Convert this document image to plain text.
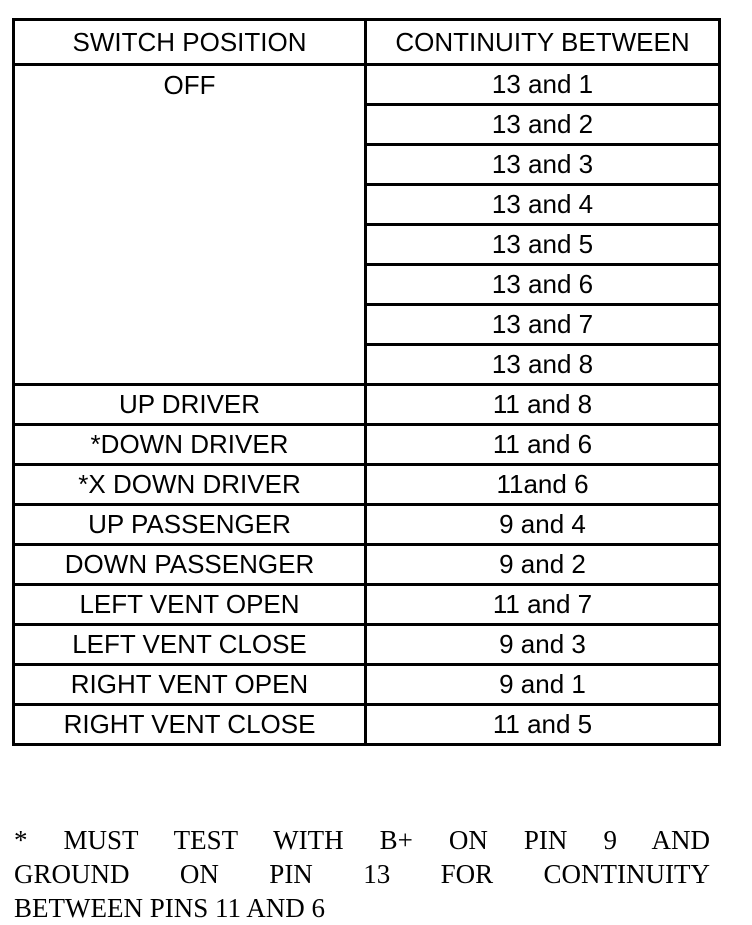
SWITCH POSITION	CONTINUITY BETWEEN
OFF	13 and 1
	13 and 2
	13 and 3
	13 and 4
	13 and 5
	13 and 6
	13 and 7
	13 and 8
UP DRIVER	11 and 8
*DOWN DRIVER	11 and 6
*X DOWN DRIVER	11and 6
UP PASSENGER	9 and 4
DOWN PASSENGER	9 and 2
LEFT VENT OPEN	11 and 7
LEFT VENT CLOSE	9 and 3
RIGHT VENT OPEN	9 and 1
RIGHT VENT CLOSE	11 and 5

* MUST TEST WITH B+ ON PIN 9 AND
GROUND ON PIN 13 FOR CONTINUITY
BETWEEN PINS 11 AND 6
